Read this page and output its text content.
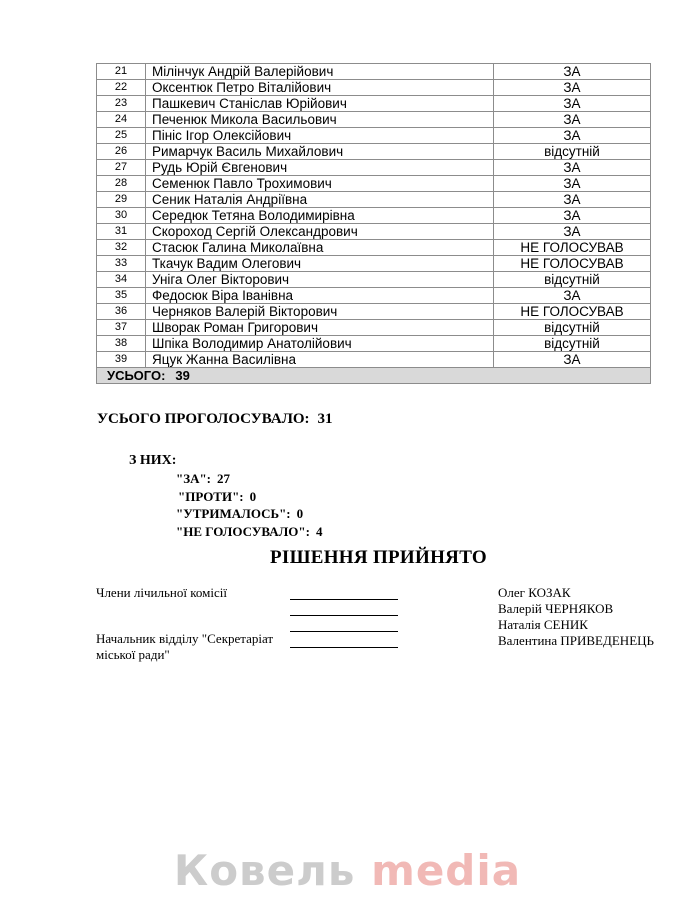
21	Мілінчук Андрій Валерійович	ЗА
22	Оксентюк Петро Віталійович	ЗА
23	Пашкевич Станіслав Юрійович	ЗА
24	Печенюк Микола Васильович	ЗА
25	Пініс Ігор Олексійович	ЗА
26	Римарчук Василь Михайлович	відсутній
27	Рудь Юрій Євгенович	ЗА
28	Семенюк Павло Трохимович	ЗА
29	Сеник Наталія Андріївна	ЗА
30	Середюк Тетяна Володимирівна	ЗА
31	Скороход Сергій Олександрович	ЗА
32	Стасюк Галина Миколаївна	НЕ ГОЛОСУВАВ
33	Ткачук Вадим Олегович	НЕ ГОЛОСУВАВ
34	Уніга Олег Вікторович	відсутній
35	Федосюк Віра Іванівна	ЗА
36	Черняков Валерій Вікторович	НЕ ГОЛОСУВАВ
37	Шворак Роман Григорович	відсутній
38	Шпіка Володимир Анатолійович	відсутній
39	Яцук Жанна Василівна	ЗА
УСЬОГО: 39		
УСЬОГО ПРОГОЛОСУВАЛО: 31
З НИХ:
"ЗА": 27
"ПРОТИ": 0
"УТРИМАЛОСЬ": 0
"НЕ ГОЛОСУВАЛО": 4
РІШЕННЯ ПРИЙНЯТО
Члени лічильної комісії
Начальник відділу "Секретаріат міської ради"
Олег КОЗАК
Валерій ЧЕРНЯКОВ
Наталія СЕНИК
Валентина ПРИВЕДЕНЕЦЬ
Ковель media
